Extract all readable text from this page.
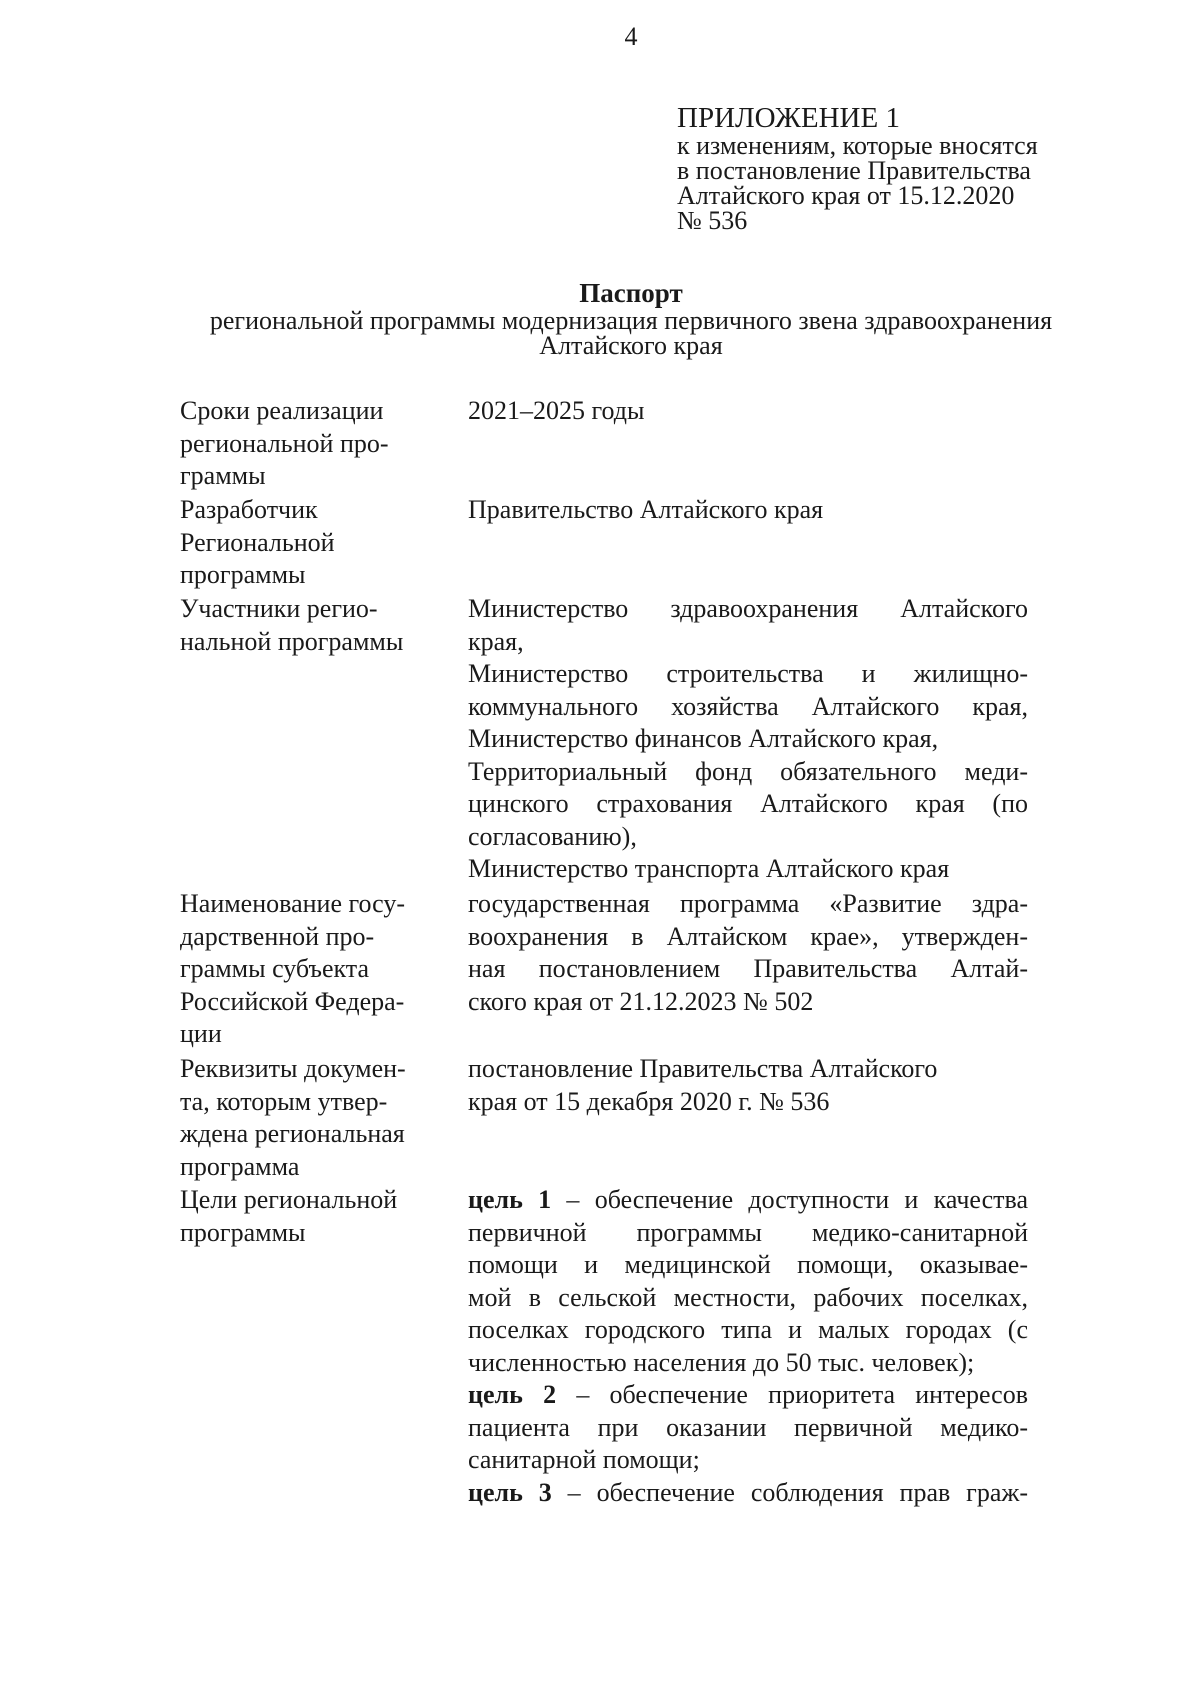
4
ПРИЛОЖЕНИЕ 1
к изменениям, которые вносятся
в постановление Правительства
Алтайского края от 15.12.2020
№ 536
Паспорт
региональной программы модернизация первичного звена здравоохранения
Алтайского края
Сроки реализации
региональной про-
граммы
2021–2025 годы
Разработчик
Региональной
программы
Правительство Алтайского края
Участники регио-
нальной программы
Министерство здравоохранения Алтайского
края,
Министерство строительства и жилищно-
коммунального хозяйства Алтайского края,
Министерство финансов Алтайского края,
Территориальный фонд обязательного меди-
цинского страхования Алтайского края (по
согласованию),
Министерство транспорта Алтайского края
Наименование госу-
дарственной про-
граммы субъекта
Российской Федера-
ции
государственная программа «Развитие здра-
воохранения в Алтайском крае», утвержден-
ная постановлением Правительства Алтай-
ского края от 21.12.2023 № 502
Реквизиты докумен-
та, которым утвер-
ждена региональная
программа
постановление Правительства Алтайского
края от 15 декабря 2020 г. № 536
Цели региональной
программы
цель 1 – обеспечение доступности и качества
первичной программы медико-санитарной
помощи и медицинской помощи, оказывае-
мой в сельской местности, рабочих поселках,
поселках городского типа и малых городах (с
численностью населения до 50 тыс. человек);
цель 2 – обеспечение приоритета интересов
пациента при оказании первичной медико-
санитарной помощи;
цель 3 – обеспечение соблюдения прав граж-
